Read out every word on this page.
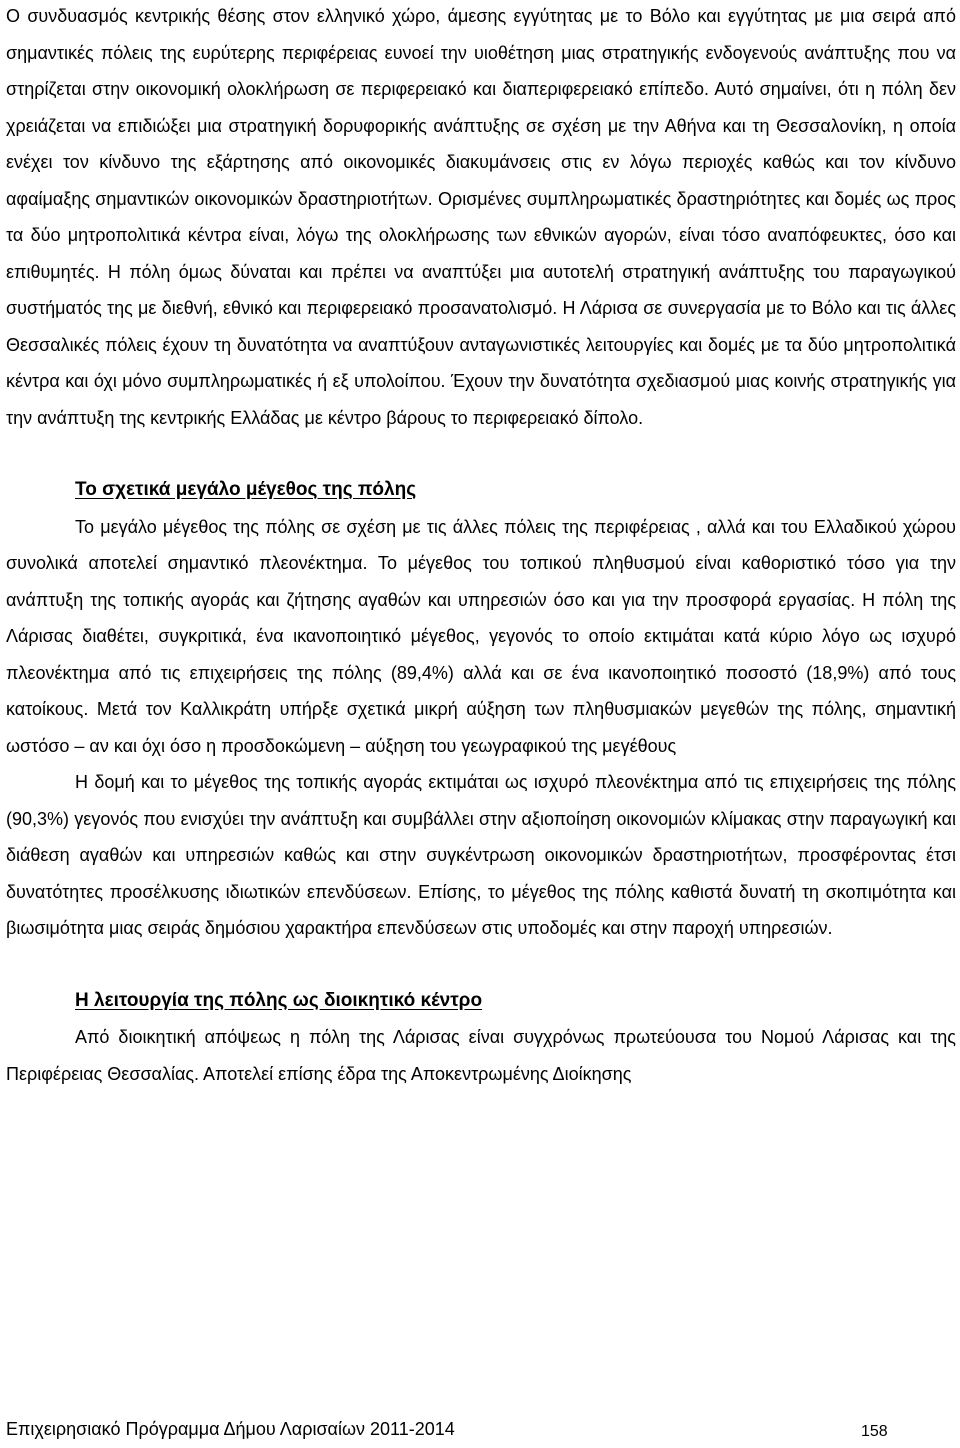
Ο συνδυασμός κεντρικής θέσης στον ελληνικό χώρο, άμεσης εγγύτητας με το Βόλο και εγγύτητας με μια σειρά από σημαντικές πόλεις της ευρύτερης περιφέρειας ευνοεί την υιοθέτηση μιας στρατηγικής ενδογενούς ανάπτυξης που να στηρίζεται στην οικονομική ολοκλήρωση σε περιφερειακό και διαπεριφερειακό επίπεδο. Αυτό σημαίνει, ότι η πόλη δεν χρειάζεται να επιδιώξει μια στρατηγική δορυφορικής ανάπτυξης σε σχέση με την Αθήνα και τη Θεσσαλονίκη, η οποία ενέχει τον κίνδυνο της εξάρτησης από οικονομικές διακυμάνσεις στις εν λόγω περιοχές καθώς και τον κίνδυνο αφαίμαξης σημαντικών οικονομικών δραστηριοτήτων. Ορισμένες συμπληρωματικές δραστηριότητες και δομές ως προς τα δύο μητροπολιτικά κέντρα είναι, λόγω της ολοκλήρωσης των εθνικών αγορών, είναι τόσο αναπόφευκτες, όσο και επιθυμητές. Η πόλη όμως δύναται και πρέπει να αναπτύξει μια αυτοτελή στρατηγική ανάπτυξης του παραγωγικού συστήματός της με διεθνή, εθνικό και περιφερειακό προσανατολισμό. Η Λάρισα σε συνεργασία με το Βόλο και τις άλλες Θεσσαλικές πόλεις έχουν τη δυνατότητα να αναπτύξουν ανταγωνιστικές λειτουργίες και δομές με τα δύο μητροπολιτικά κέντρα και όχι μόνο συμπληρωματικές ή εξ υπολοίπου. Έχουν την δυνατότητα σχεδιασμού μιας κοινής στρατηγικής για την ανάπτυξη της κεντρικής Ελλάδας με κέντρο βάρους το περιφερειακό δίπολο.

Το σχετικά μεγάλο μέγεθος της πόλης

Το μεγάλο μέγεθος της πόλης σε σχέση με τις άλλες πόλεις της περιφέρειας , αλλά και του Ελλαδικού χώρου συνολικά αποτελεί σημαντικό πλεονέκτημα. Το μέγεθος του τοπικού πληθυσμού είναι καθοριστικό τόσο για την ανάπτυξη της τοπικής αγοράς και ζήτησης αγαθών και υπηρεσιών όσο και για την προσφορά εργασίας. Η πόλη της Λάρισας διαθέτει, συγκριτικά, ένα ικανοποιητικό μέγεθος, γεγονός το οποίο εκτιμάται κατά κύριο λόγο ως ισχυρό πλεονέκτημα από τις επιχειρήσεις της πόλης (89,4%) αλλά και σε ένα ικανοποιητικό ποσοστό (18,9%) από τους κατοίκους. Μετά τον Καλλικράτη υπήρξε σχετικά μικρή αύξηση των πληθυσμιακών μεγεθών της πόλης, σημαντική ωστόσο – αν και όχι όσο η προσδοκώμενη – αύξηση του γεωγραφικού της μεγέθους

Η δομή και το μέγεθος της τοπικής αγοράς εκτιμάται ως ισχυρό πλεονέκτημα από τις επιχειρήσεις της πόλης (90,3%) γεγονός που ενισχύει την ανάπτυξη και συμβάλλει στην αξιοποίηση οικονομιών κλίμακας στην παραγωγική και διάθεση αγαθών και υπηρεσιών καθώς και στην συγκέντρωση οικονομικών δραστηριοτήτων, προσφέροντας έτσι δυνατότητες προσέλκυσης ιδιωτικών επενδύσεων. Επίσης, το μέγεθος της πόλης καθιστά δυνατή τη σκοπιμότητα και βιωσιμότητα μιας σειράς δημόσιου χαρακτήρα επενδύσεων στις υποδομές και στην παροχή υπηρεσιών.

Η λειτουργία της πόλης ως διοικητικό κέντρο

Από διοικητική απόψεως η πόλη της Λάρισας είναι συγχρόνως πρωτεύουσα του Νομού Λάρισας και της Περιφέρειας Θεσσαλίας. Αποτελεί επίσης έδρα της Αποκεντρωμένης Διοίκησης

Επιχειρησιακό Πρόγραμμα Δήμου Λαρισαίων 2011-2014	158
